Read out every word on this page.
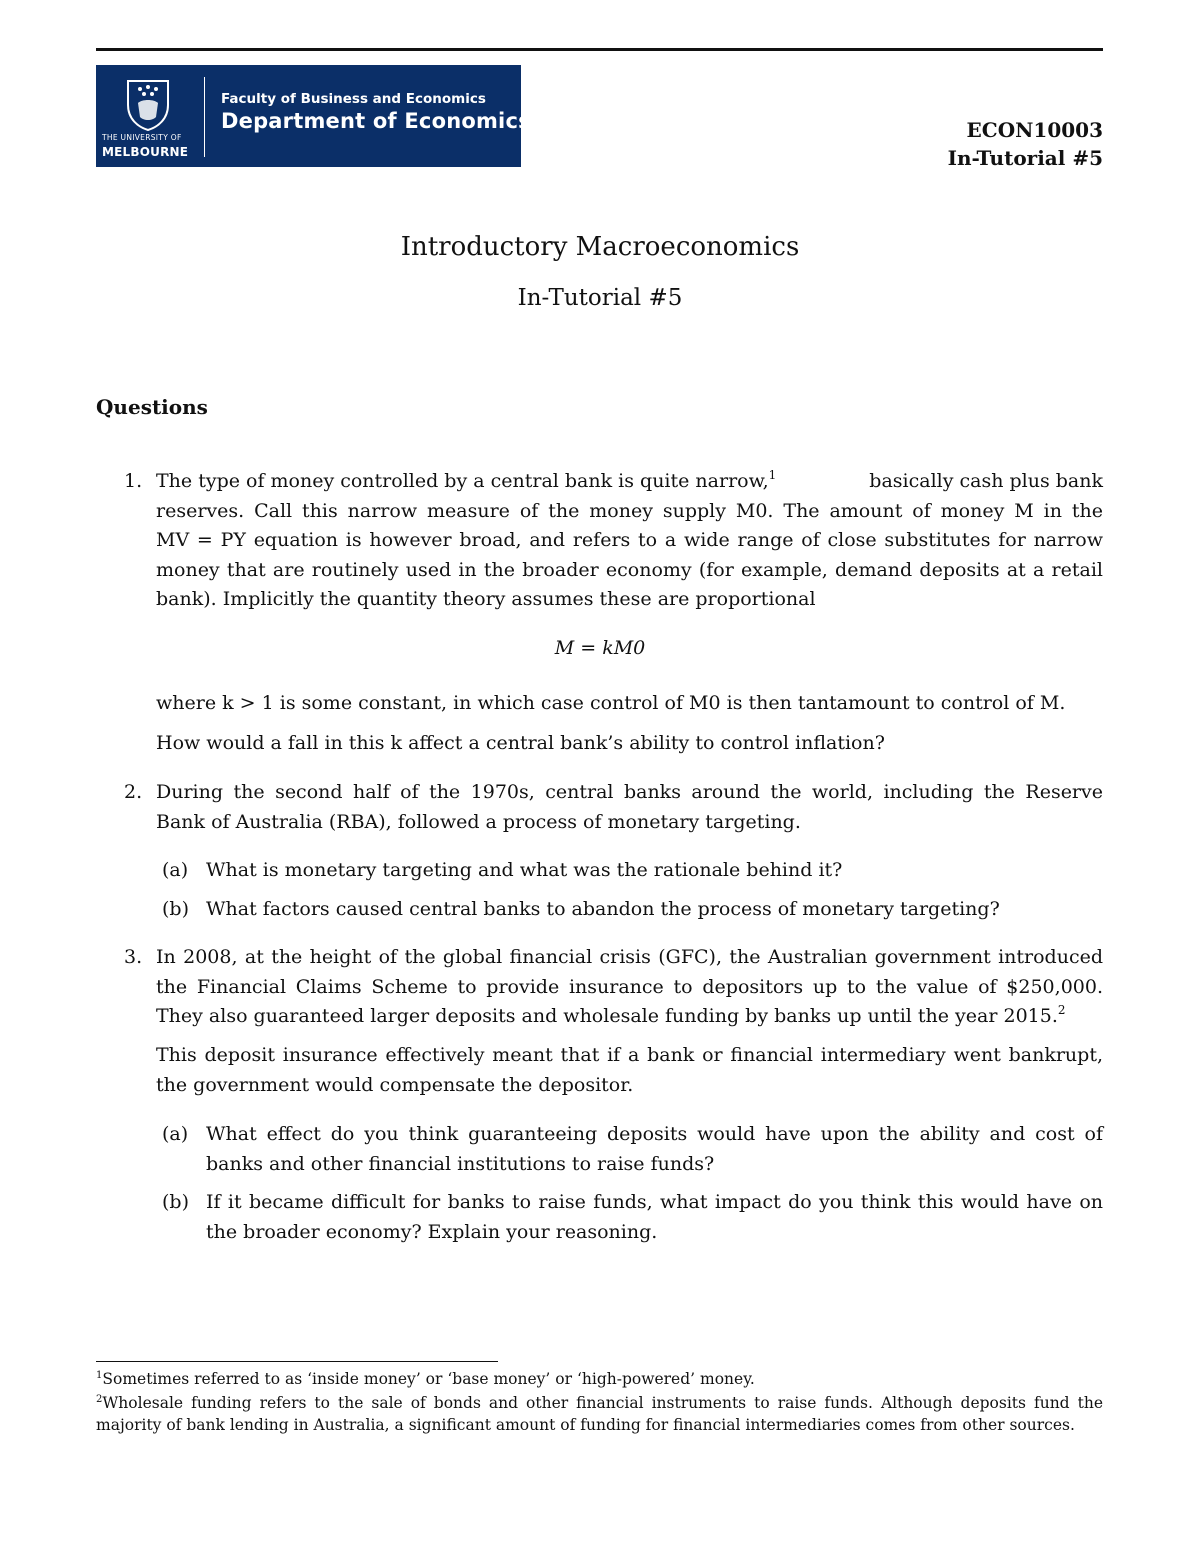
THE UNIVERSITY OF
MELBOURNE
Faculty of Business and Economics
Department of Economics	ECON10003
In-Tutorial #5
Introductory Macroeconomics
In-Tutorial #5
Questions
1. The type of money controlled by a central bank is quite narrow,$^1$	basically cash plus bank
reserves. Call this narrow measure of the money supply M0. The amount of money M in the
MV = PY equation is however broad, and refers to a wide range of close substitutes for narrow
money that are routinely used in the broader economy (for example, demand deposits at a retail
bank). Implicitly the quantity theory assumes these are proportional
M = kM0
where k > 1 is some constant, in which case control of M0 is then tantamount to control of M.
How would a fall in this k affect a central bank’s ability to control inflation?
2. During the second half of the 1970s, central banks around the world, including the Reserve
Bank of Australia (RBA), followed a process of monetary targeting.
(a) What is monetary targeting and what was the rationale behind it?
(b) What factors caused central banks to abandon the process of monetary targeting?
3. In 2008, at the height of the global financial crisis (GFC), the Australian government introduced
the Financial Claims Scheme to provide insurance to depositors up to the value of $250,000.
They also guaranteed larger deposits and wholesale funding by banks up until the year 2015.$^2$
This deposit insurance effectively meant that if a bank or financial intermediary went bankrupt, the government would compensate the depositor.
(a) What effect do you think guaranteeing deposits would have upon the ability and cost of banks and other financial institutions to raise funds?
(b) If it became difficult for banks to raise funds, what impact do you think this would have on the broader economy? Explain your reasoning.
$^1$Sometimes referred to as ‘inside money’ or ‘base money’ or ‘high-powered’ money.
$^2$Wholesale funding refers to the sale of bonds and other financial instruments to raise funds. Although deposits fund the majority of bank lending in Australia, a significant amount of funding for financial intermediaries comes from other sources.
